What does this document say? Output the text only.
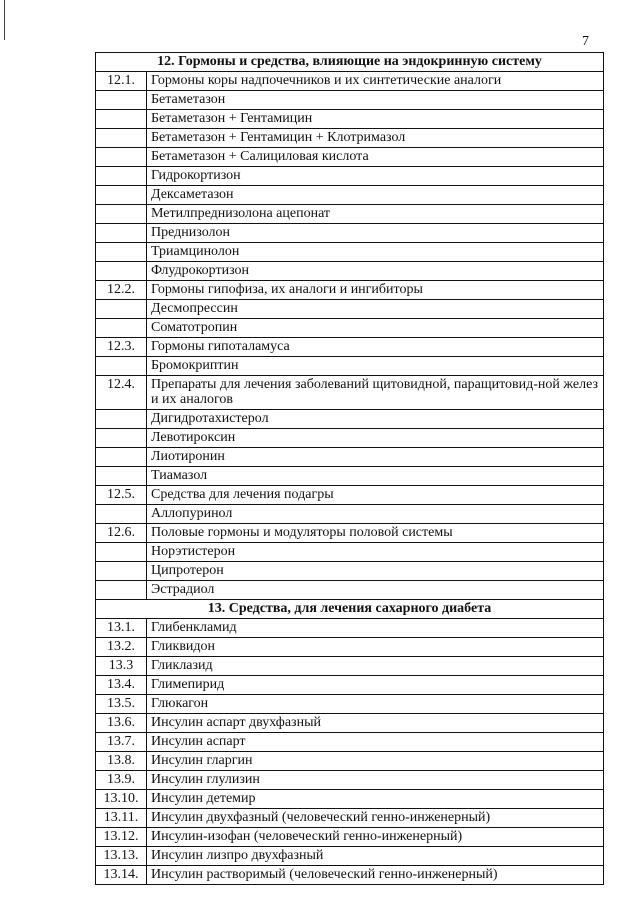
7
12. Гормоны и средства, влияющие на эндокринную систему	
12.1.	Гормоны коры надпочечников и их синтетические аналоги
	Бетаметазон
	Бетаметазон + Гентамицин
	Бетаметазон + Гентамицин + Клотримазол
	Бетаметазон + Салициловая кислота
	Гидрокортизон
	Дексаметазон
	Метилпреднизолона ацепонат
	Преднизолон
	Триамцинолон
	Флудрокортизон
12.2.	Гормоны гипофиза, их аналоги и ингибиторы
	Десмопрессин
	Соматотропин
12.3.	Гормоны гипоталамуса
	Бромокриптин
12.4.	Препараты для лечения заболеваний щитовидной, паращитовид-ной желез и их аналогов
	Дигидротахистерол
	Левотироксин
	Лиотиронин
	Тиамазол
12.5.	Средства для лечения подагры
	Аллопуринол
12.6.	Половые гормоны и модуляторы половой системы
	Норэтистерон
	Ципротерон
	Эстрадиол
13. Средства, для лечения сахарного диабета	
13.1.	Глибенкламид
13.2.	Гликвидон
13.3	Гликлазид
13.4.	Глимепирид
13.5.	Глюкагон
13.6.	Инсулин аспарт двухфазный
13.7.	Инсулин аспарт
13.8.	Инсулин гларгин
13.9.	Инсулин глулизин
13.10.	Инсулин детемир
13.11.	Инсулин двухфазный (человеческий генно-инженерный)
13.12.	Инсулин-изофан (человеческий генно-инженерный)
13.13.	Инсулин лизпро двухфазный
13.14.	Инсулин растворимый (человеческий генно-инженерный)
